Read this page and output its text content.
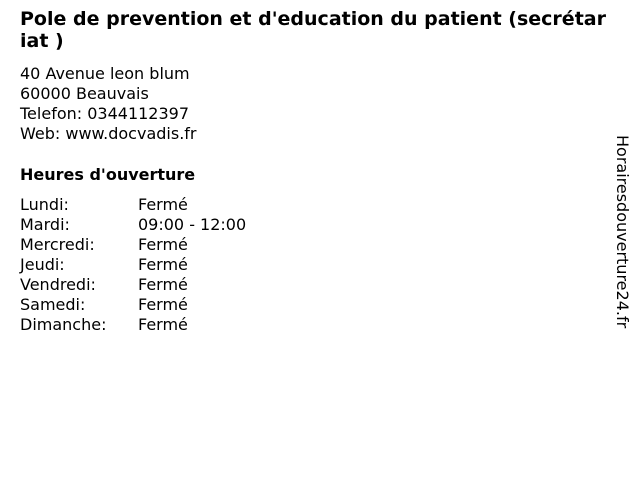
Pole de prevention et d'education du patient (secrétariat )
40 Avenue leon blum
60000 Beauvais
Telefon: 0344112397
Web: www.docvadis.fr
Heures d'ouverture
Lundi:	Fermé
Mardi:	09:00 - 12:00
Mercredi:	Fermé
Jeudi:	Fermé
Vendredi:	Fermé
Samedi:	Fermé
Dimanche:	Fermé	Horairesdouverture24.fr
